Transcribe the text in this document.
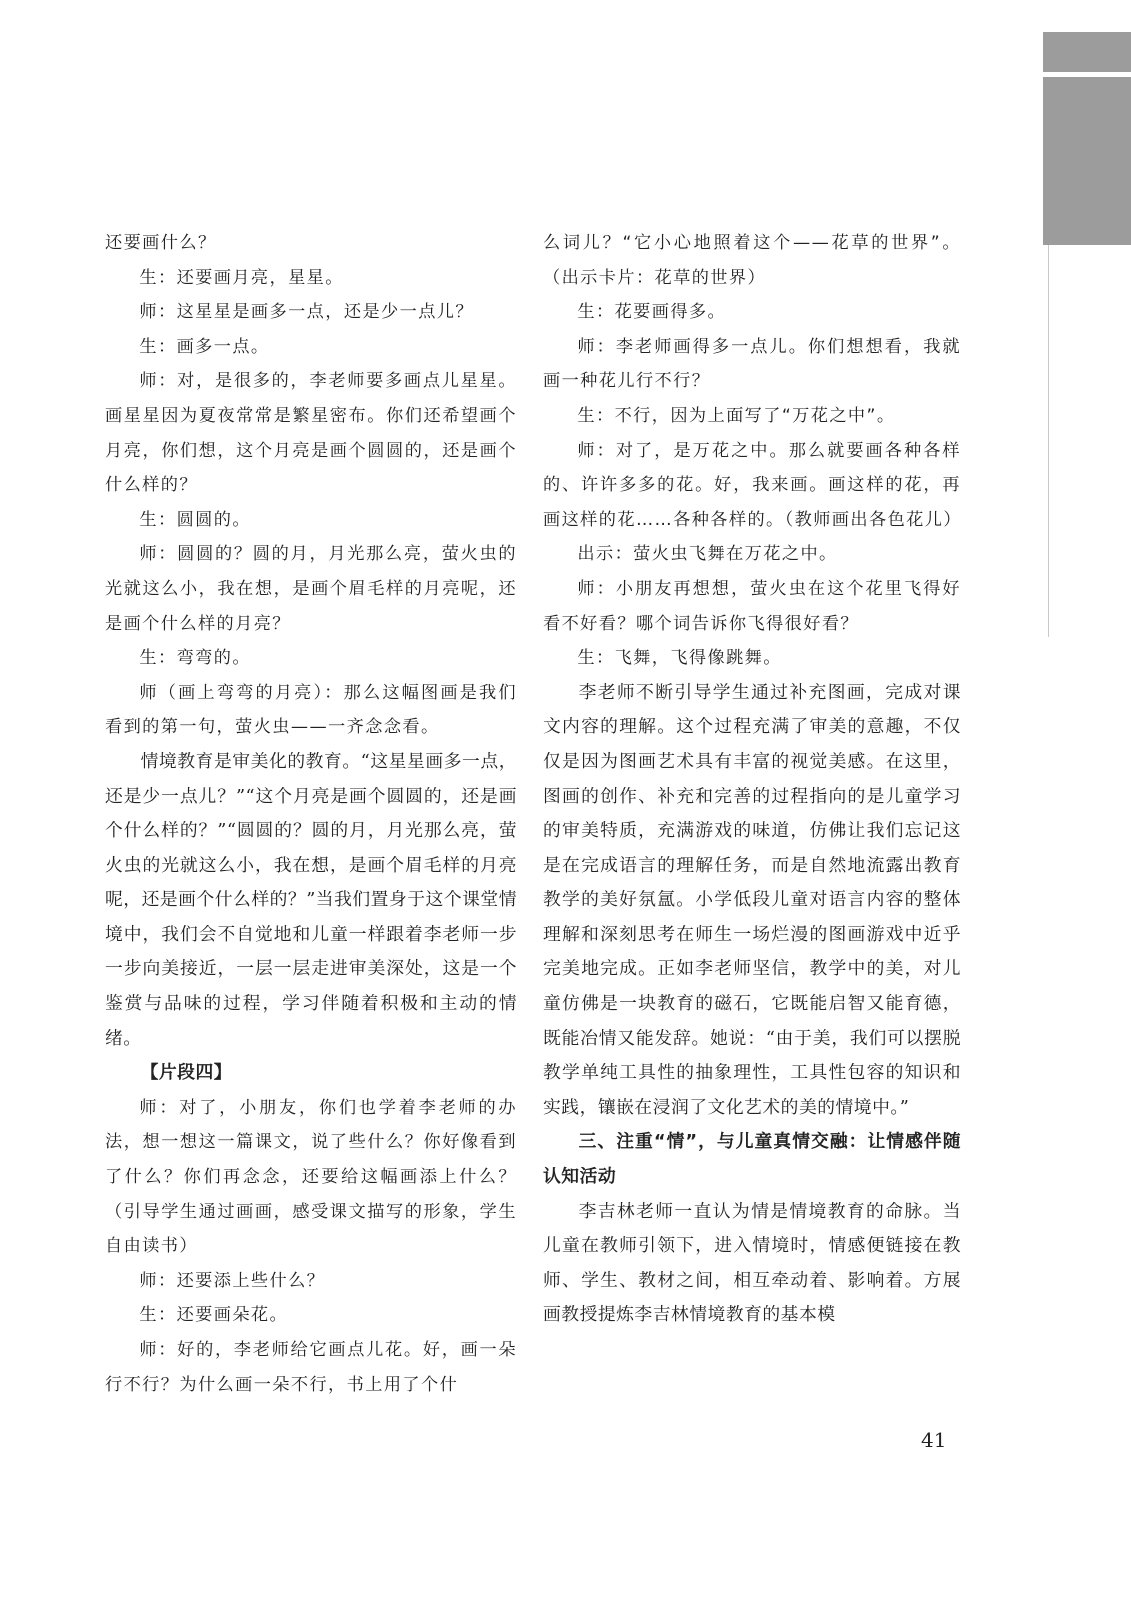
还要画什么？

生：还要画月亮，星星。

师：这星星是画多一点，还是少一点儿？

生：画多一点。

师：对，是很多的，李老师要多画点儿星星。画星星因为夏夜常常是繁星密布。你们还希望画个月亮，你们想，这个月亮是画个圆圆的，还是画个什么样的？

生：圆圆的。

师：圆圆的？圆的月，月光那么亮，萤火虫的光就这么小，我在想，是画个眉毛样的月亮呢，还是画个什么样的月亮？

生：弯弯的。

师（画上弯弯的月亮）：那么这幅图画是我们看到的第一句，萤火虫——一齐念念看。

情境教育是审美化的教育。“这星星画多一点，还是少一点儿？”“这个月亮是画个圆圆的，还是画个什么样的？”“圆圆的？圆的月，月光那么亮，萤火虫的光就这么小，我在想，是画个眉毛样的月亮呢，还是画个什么样的？”当我们置身于这个课堂情境中，我们会不自觉地和儿童一样跟着李老师一步一步向美接近，一层一层走进审美深处，这是一个鉴赏与品味的过程，学习伴随着积极和主动的情绪。

【片段四】

师：对了，小朋友，你们也学着李老师的办法，想一想这一篇课文，说了些什么？你好像看到了什么？你们再念念，还要给这幅画添上什么？（引导学生通过画画，感受课文描写的形象，学生自由读书）

师：还要添上些什么？

生：还要画朵花。

师：好的，李老师给它画点儿花。好，画一朵行不行？为什么画一朵不行，书上用了个什

么词儿？“它小心地照着这个——花草的世界”。（出示卡片：花草的世界）

生：花要画得多。

师：李老师画得多一点儿。你们想想看，我就画一种花儿行不行？

生：不行，因为上面写了“万花之中”。

师：对了，是万花之中。那么就要画各种各样的、许许多多的花。好，我来画。画这样的花，再画这样的花……各种各样的。（教师画出各色花儿）

出示：萤火虫飞舞在万花之中。

师：小朋友再想想，萤火虫在这个花里飞得好看不好看？哪个词告诉你飞得很好看？

生：飞舞，飞得像跳舞。

李老师不断引导学生通过补充图画，完成对课文内容的理解。这个过程充满了审美的意趣，不仅仅是因为图画艺术具有丰富的视觉美感。在这里，图画的创作、补充和完善的过程指向的是儿童学习的审美特质，充满游戏的味道，仿佛让我们忘记这是在完成语言的理解任务，而是自然地流露出教育教学的美好氛氲。小学低段儿童对语言内容的整体理解和深刻思考在师生一场烂漫的图画游戏中近乎完美地完成。正如李老师坚信，教学中的美，对儿童仿佛是一块教育的磁石，它既能启智又能育德，既能冶情又能发辞。她说：“由于美，我们可以摆脱教学单纯工具性的抽象理性，工具性包容的知识和实践，镶嵌在浸润了文化艺术的美的情境中。”

三、注重“情”，与儿童真情交融：让情感伴随认知活动

李吉林老师一直认为情是情境教育的命脉。当儿童在教师引领下，进入情境时，情感便链接在教师、学生、教材之间，相互牵动着、影响着。方展画教授提炼李吉林情境教育的基本模

41
